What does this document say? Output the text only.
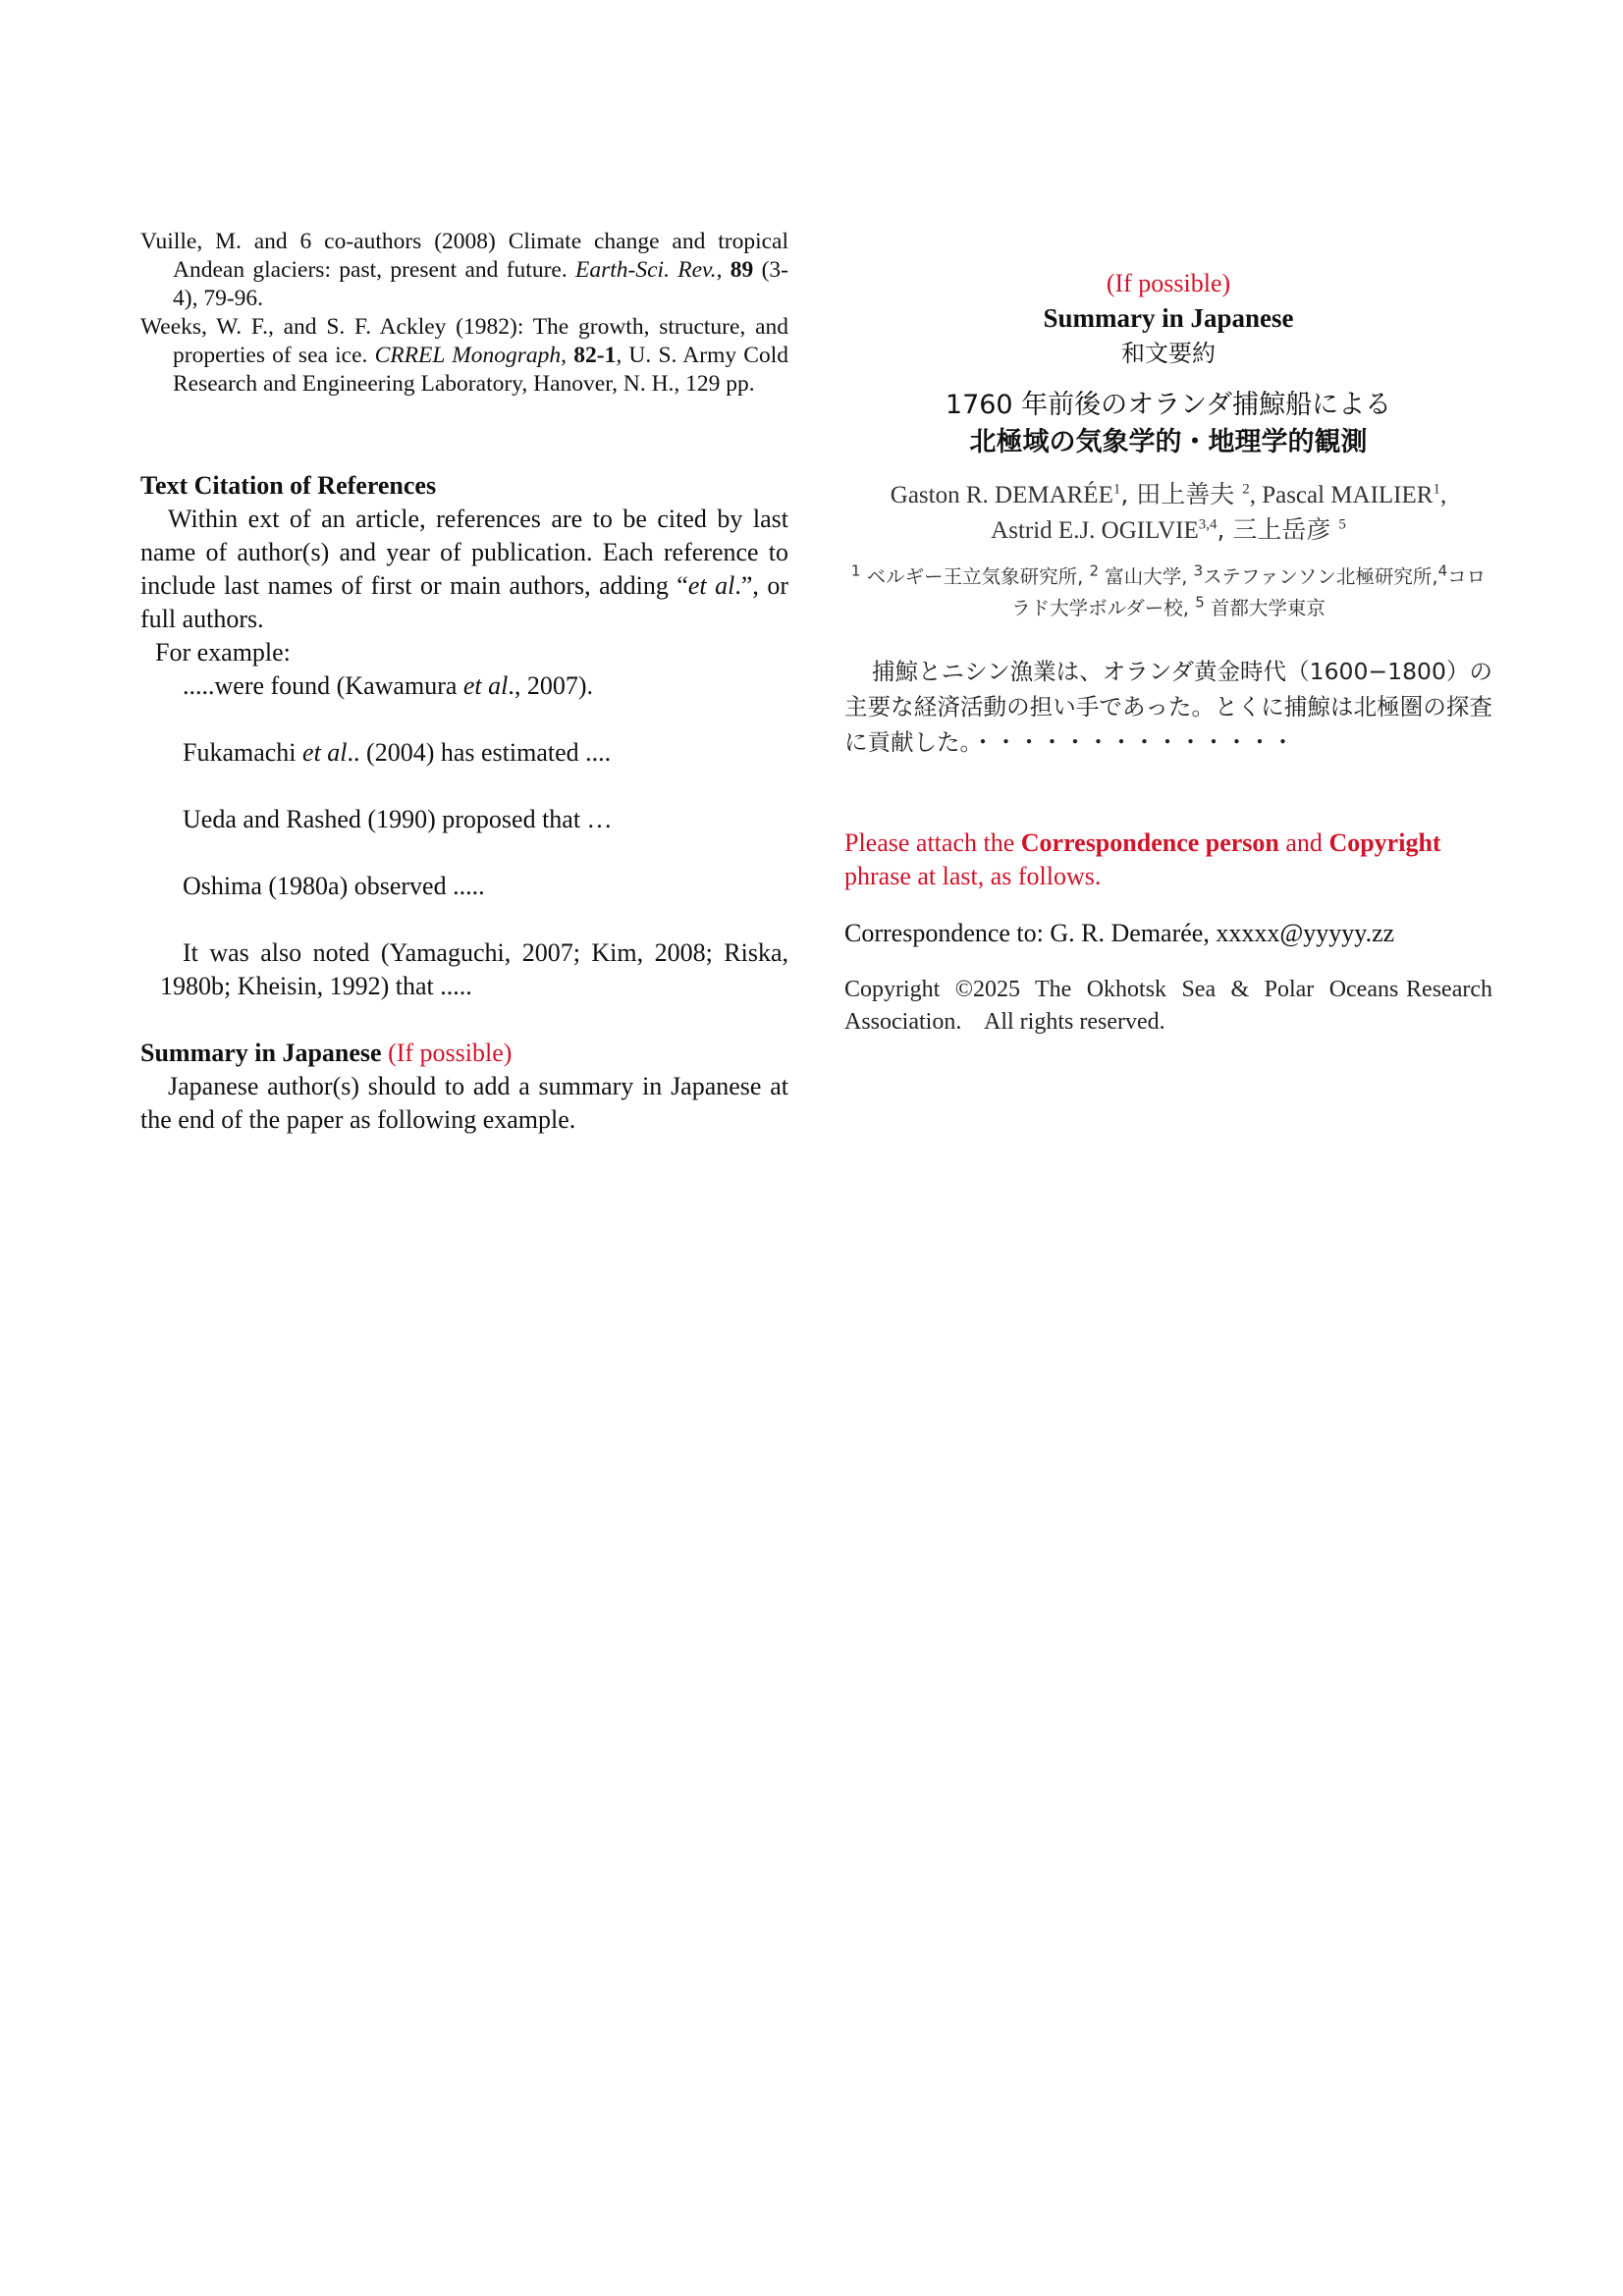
Vuille, M. and 6 co-authors (2008) Climate change and tropical Andean glaciers: past, present and future. Earth-Sci. Rev., 89 (3-4), 79-96.

Weeks, W. F., and S. F. Ackley (1982): The growth, structure, and properties of sea ice. CRREL Monograph, 82-1, U. S. Army Cold Research and Engineering Laboratory, Hanover, N. H., 129 pp.

Text Citation of References

Within ext of an article, references are to be cited by last name of author(s) and year of publication. Each reference to include last names of first or main authors, adding “et al.”, or full authors.

For example:

.....were found (Kawamura et al., 2007).

Fukamachi et al.. (2004) has estimated ....

Ueda and Rashed (1990) proposed that …

Oshima (1980a) observed .....

It was also noted (Yamaguchi, 2007; Kim, 2008; Riska, 1980b; Kheisin, 1992) that .....

Summary in Japanese (If possible)

Japanese author(s) should to add a summary in Japanese at the end of the paper as following example.

(If possible)

Summary in Japanese

和文要約

1760 年前後のオランダ捕鯨船による

北極域の気象学的・地理学的観測

Gaston R. DEMARÉE$^1$, 田上善夫 $^2$, Pascal MAILIER$^1$,

Astrid E.J. OGILVIE$^{3,4}$, 三上岳彦 $^5$

$^1$ ベルギー王立気象研究所, $^2$ 富山大学, $^3$ステファンソン北極研究所,$^4$コロラド大学ボルダー校, $^5$ 首都大学東京

捕鯨とニシン漁業は、オランダ黄金時代（1600−1800）の主要な経済活動の担い手であった。とくに捕鯨は北極圏の探査に貢献した。・・・・・・・・・・・・・・

Please attach the Correspondence person and Copyright phrase at last, as follows.

Correspondence to: G. R. Demarée, xxxxx@yyyyy.zz

Copyright  ©2025  The  Okhotsk  Sea  &  Polar  Oceans Research Association.    All rights reserved.
